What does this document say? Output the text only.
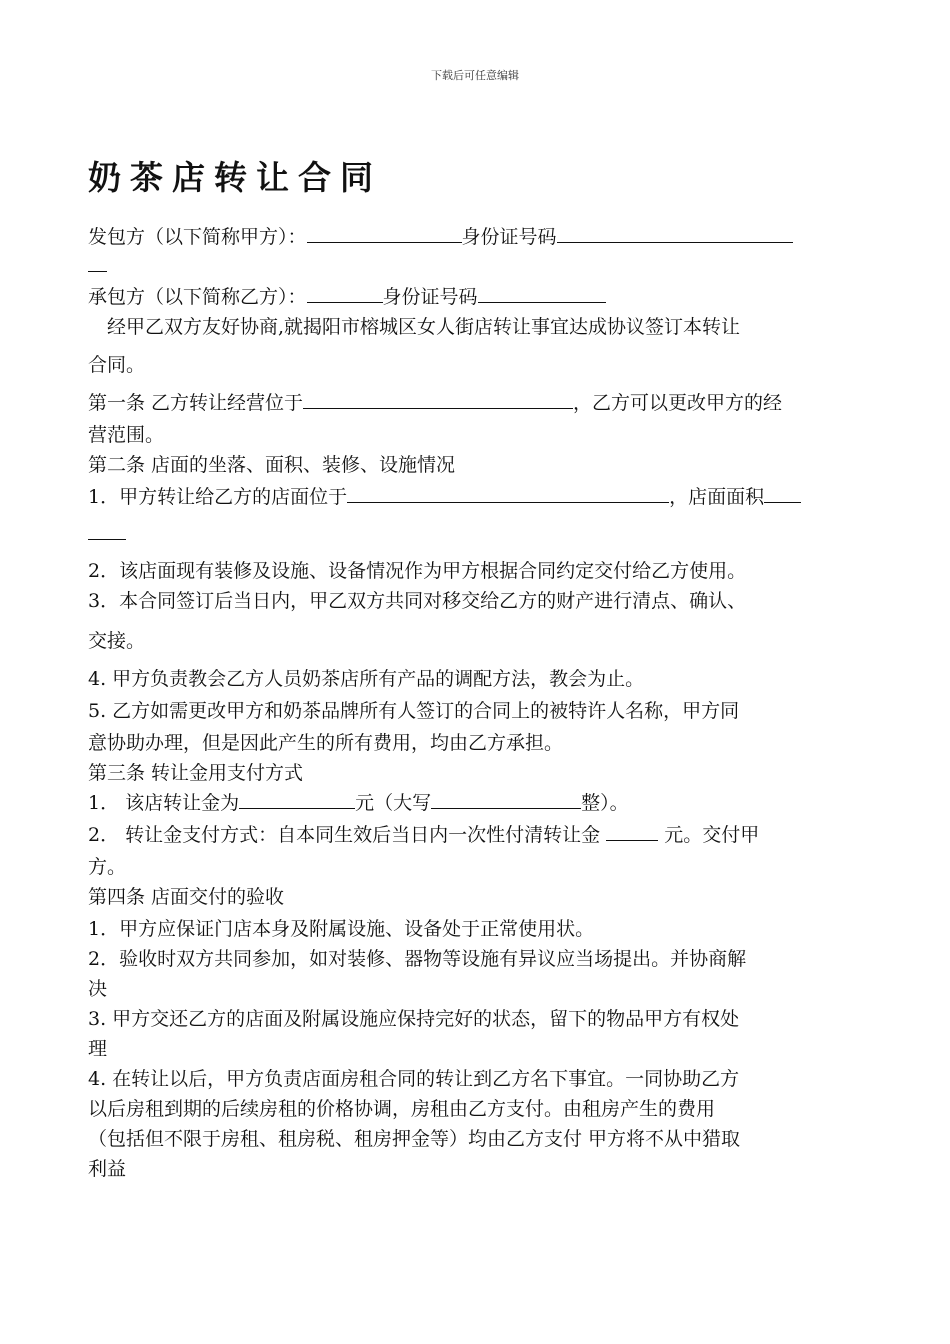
下载后可任意编辑
奶茶店转让合同

发包方（以下简称甲方）：	身份证号码

承包方（以下简称乙方）：	身份证号码

经甲乙双方友好协商,就揭阳市榕城区女人街店转让事宜达成协议签订本转让

合同。

第一条 乙方转让经营位于	，乙方可以更改甲方的经

营范围。

第二条 店面的坐落、面积、装修、设施情况

1．甲方转让给乙方的店面位于	，店面面积

2．该店面现有装修及设施、设备情况作为甲方根据合同约定交付给乙方使用。

3．本合同签订后当日内，甲乙双方共同对移交给乙方的财产进行清点、确认、

交接。

4. 甲方负责教会乙方人员奶茶店所有产品的调配方法，教会为止。

5. 乙方如需更改甲方和奶茶品牌所有人签订的合同上的被特许人名称，甲方同

意协助办理，但是因此产生的所有费用，均由乙方承担。

第三条 转让金用支付方式

1． 该店转让金为	元（大写	整）。

2． 转让金支付方式：自本同生效后当日内一次性付清转让金	元。交付甲

方。

第四条 店面交付的验收

1．甲方应保证门店本身及附属设施、设备处于正常使用状。

2．验收时双方共同参加，如对装修、器物等设施有异议应当场提出。并协商解

决

3. 甲方交还乙方的店面及附属设施应保持完好的状态，留下的物品甲方有权处

理

4. 在转让以后，甲方负责店面房租合同的转让到乙方名下事宜。一同协助乙方

以后房租到期的后续房租的价格协调，房租由乙方支付。由租房产生的费用

（包括但不限于房租、租房税、租房押金等）均由乙方支付 甲方将不从中猎取

利益
